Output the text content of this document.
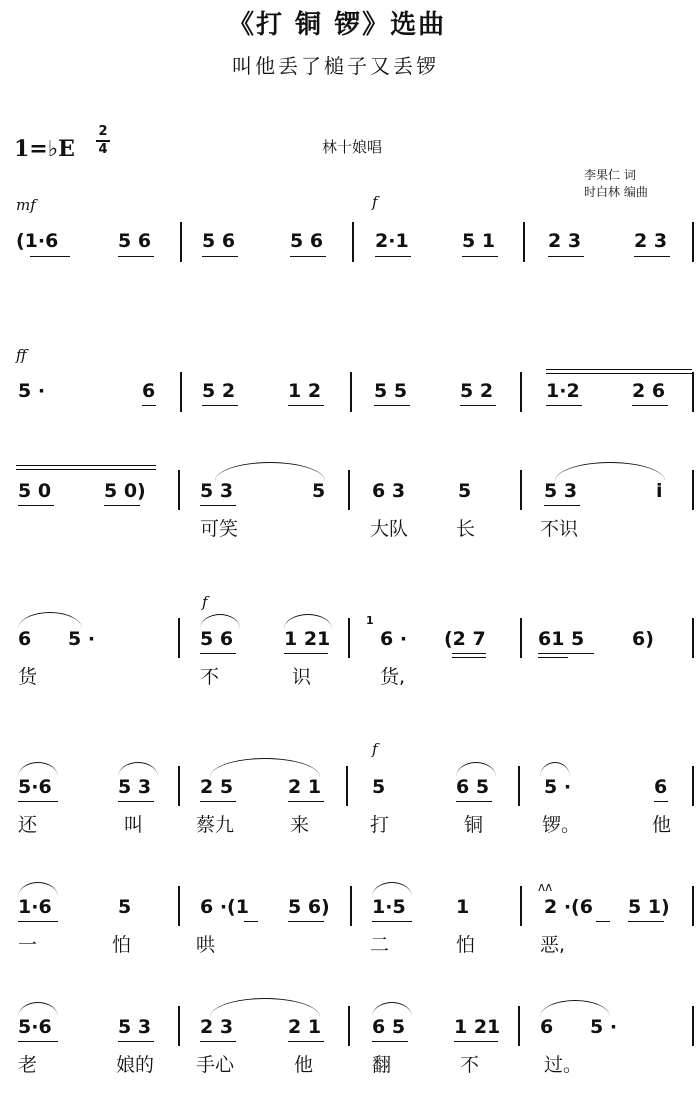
《打 铜 锣》选曲
叫他丢了槌子又丢锣
1=♭E
2
4	林十娘唱
李果仁 词
时白林 编曲
mf	f
(1·6	5 6	5 6	5 6	2·1	5 1	2 3	2 3
ff
5 ·	6 5 2	1 2	5 5	5 2	1·2	2 6
5 0	5 0)	5 3	5 6 3	5	5 3	i
可笑	大队	长	不识
f
6 5 ·	5 6	1 21
1
6 · (2 7	61 5	6)
货	不	识	货,
f
5·6	5 3	2 5	2 1	5	6 5	5 ·	6
还	叫	蔡九	来	打	铜	锣。	他
ʌʌ
1·6	5	6 ·(1 5 6) 1·5	1	2 ·(6 5 1)
一	怕	哄	二	怕	恶,
5·6	5 3	2 3	2 1	6 5	1 21 6 5 ·
老	娘的 手心	他	翻	不	过。
